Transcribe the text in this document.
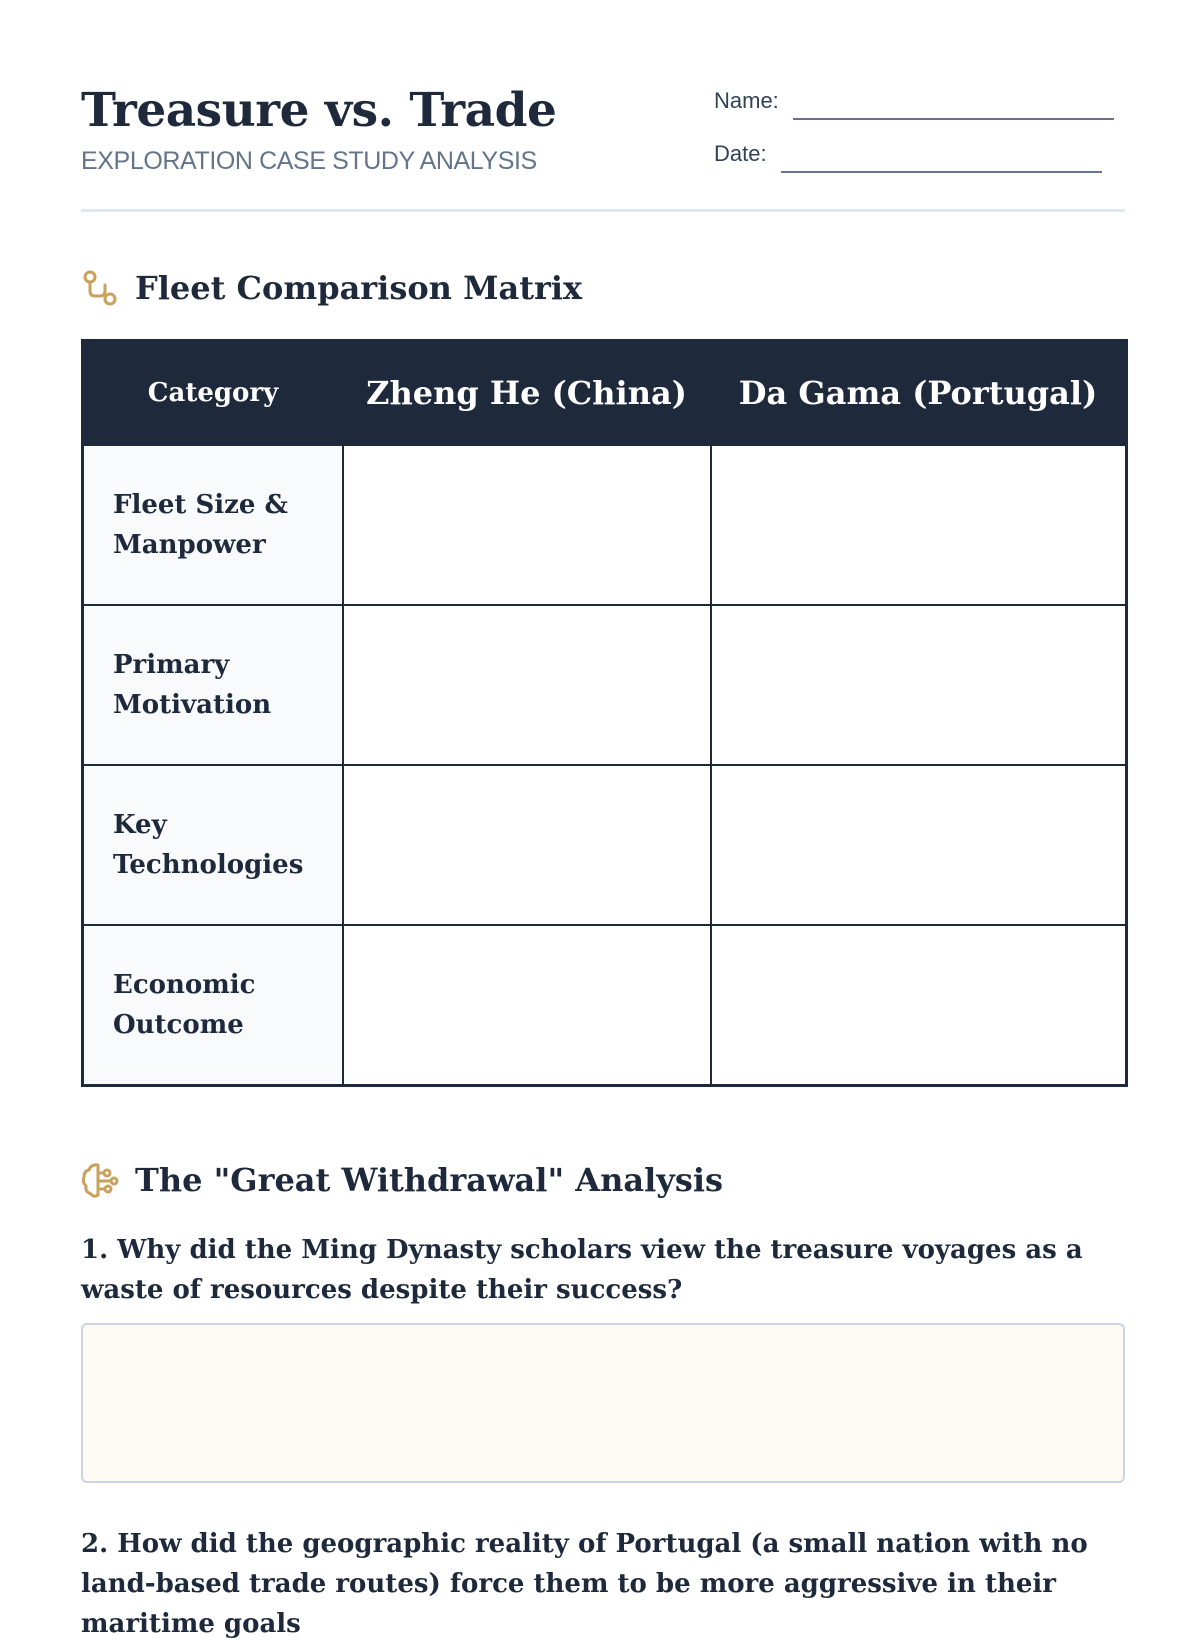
Treasure vs. Trade
EXPLORATION CASE STUDY ANALYSIS
Name:
Date:
Fleet Comparison Matrix
Category	Zheng He (China)	Da Gama (Portugal)
Fleet Size & Manpower		
Primary Motivation		
Key Technologies		
Economic Outcome		
The "Great Withdrawal" Analysis

1. Why did the Ming Dynasty scholars view the treasure voyages as a waste of resources despite their success?

2. How did the geographic reality of Portugal (a small nation with no land-based trade routes) force them to be more aggressive in their maritime goals
